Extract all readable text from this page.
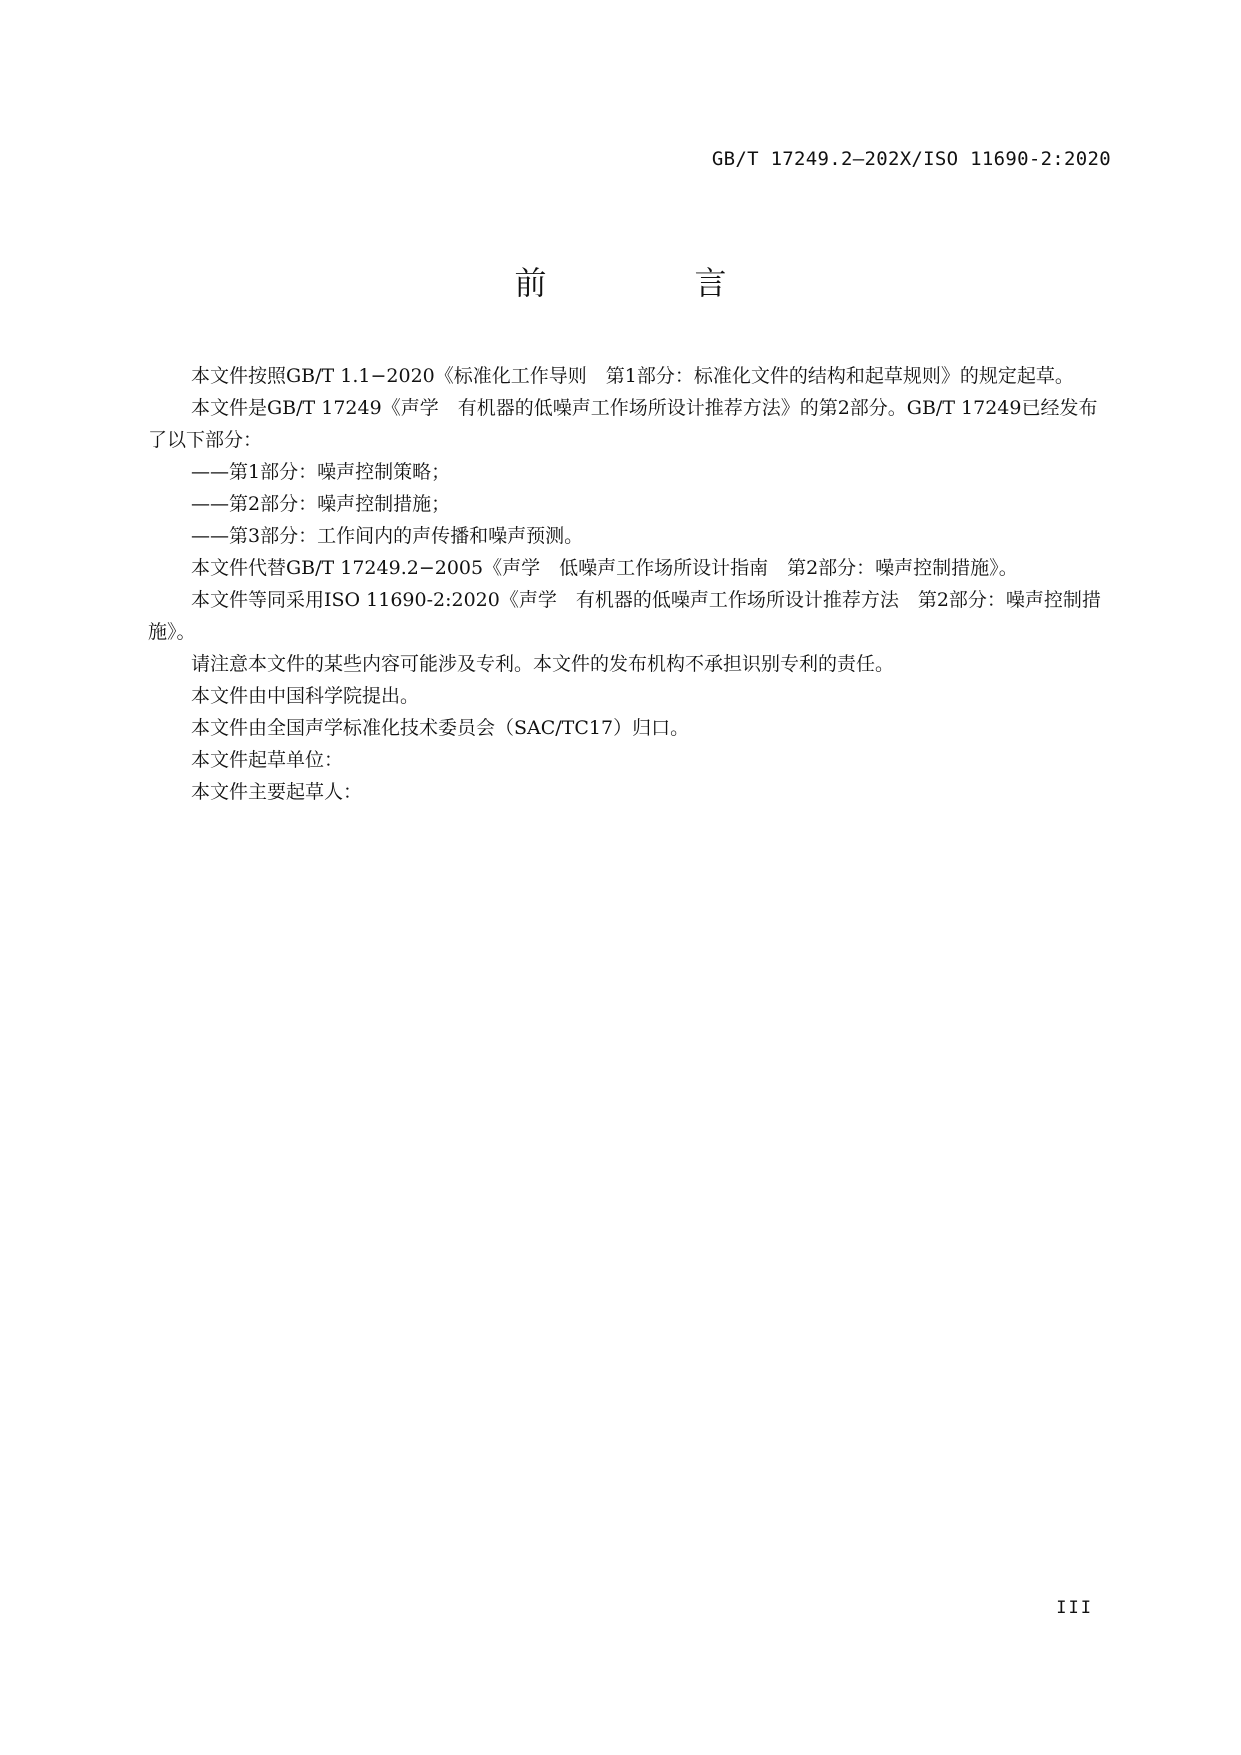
GB/T 17249.2—202X/ISO 11690-2:2020
前　言

本文件按照GB/T 1.1−2020《标准化工作导则　第1部分：标准化文件的结构和起草规则》的规定起草。

本文件是GB/T 17249《声学　有机器的低噪声工作场所设计推荐方法》的第2部分。GB/T 17249已经发布了以下部分：

——第1部分：噪声控制策略；

——第2部分：噪声控制措施；

——第3部分：工作间内的声传播和噪声预测。

本文件代替GB/T 17249.2−2005《声学　低噪声工作场所设计指南　第2部分：噪声控制措施》。

本文件等同采用ISO 11690-2:2020《声学　有机器的低噪声工作场所设计推荐方法　第2部分：噪声控制措施》。

请注意本文件的某些内容可能涉及专利。本文件的发布机构不承担识别专利的责任。

本文件由中国科学院提出。

本文件由全国声学标准化技术委员会（SAC/TC17）归口。

本文件起草单位：

本文件主要起草人：

III
